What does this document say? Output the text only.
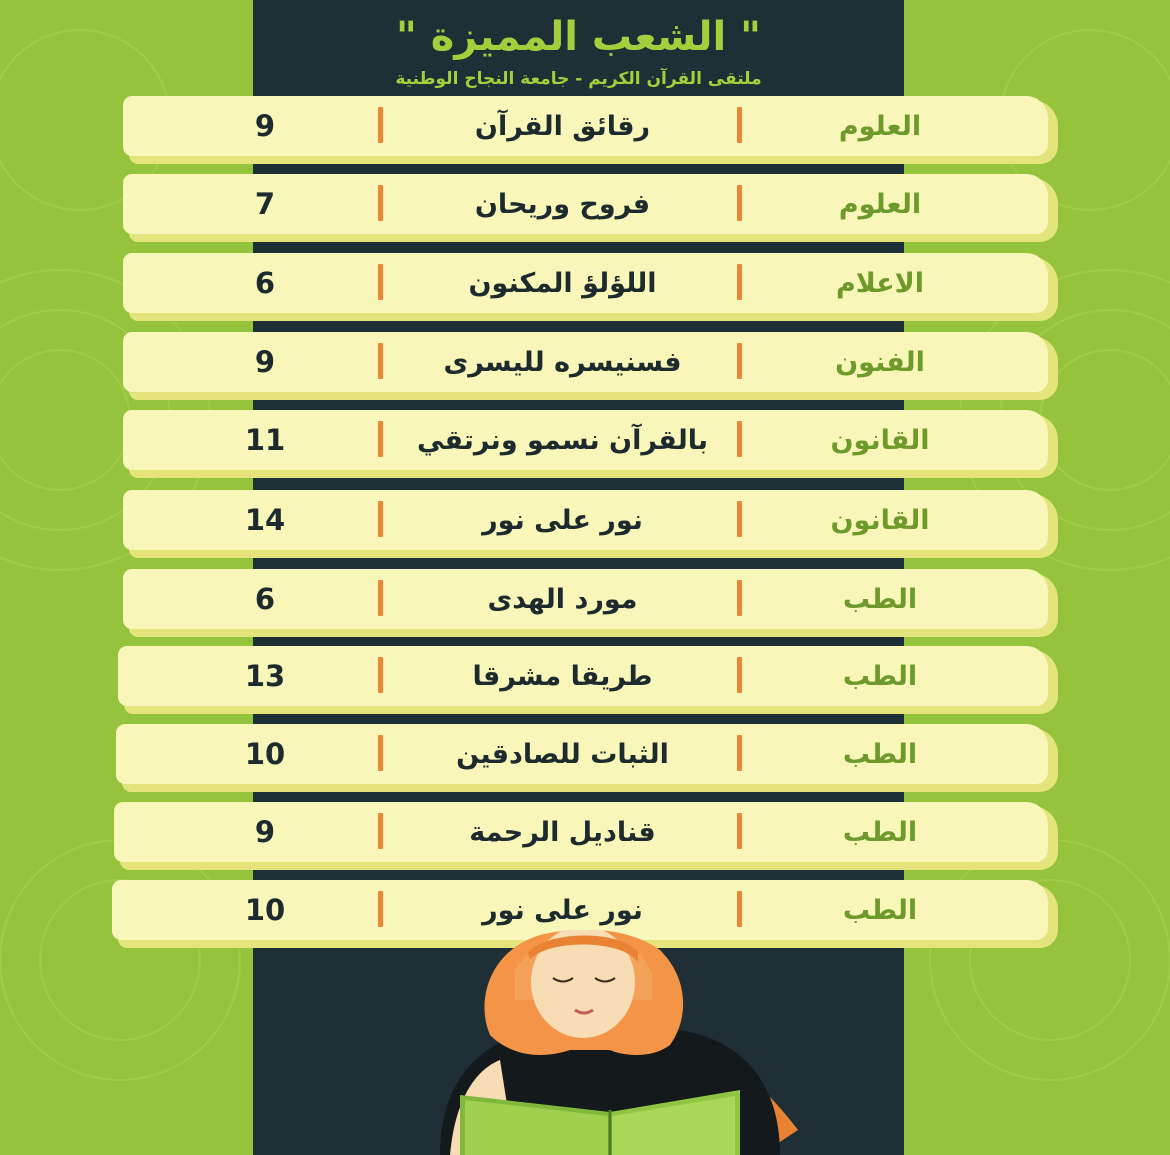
" الشعب المميزة "
ملتقى القرآن الكريم - جامعة النجاح الوطنية
العلوم
رقائق القرآن
9
العلوم
فروح وريحان
7
الاعلام
اللؤلؤ المكنون
6
الفنون
فسنيسره لليسرى
9
القانون
بالقرآن نسمو ونرتقي
11
القانون
نور على نور
14
الطب
مورد الهدى
6
الطب
طريقا مشرقا
13
الطب
الثبات للصادقين
10
الطب
قناديل الرحمة
9
الطب
نور على نور
10
